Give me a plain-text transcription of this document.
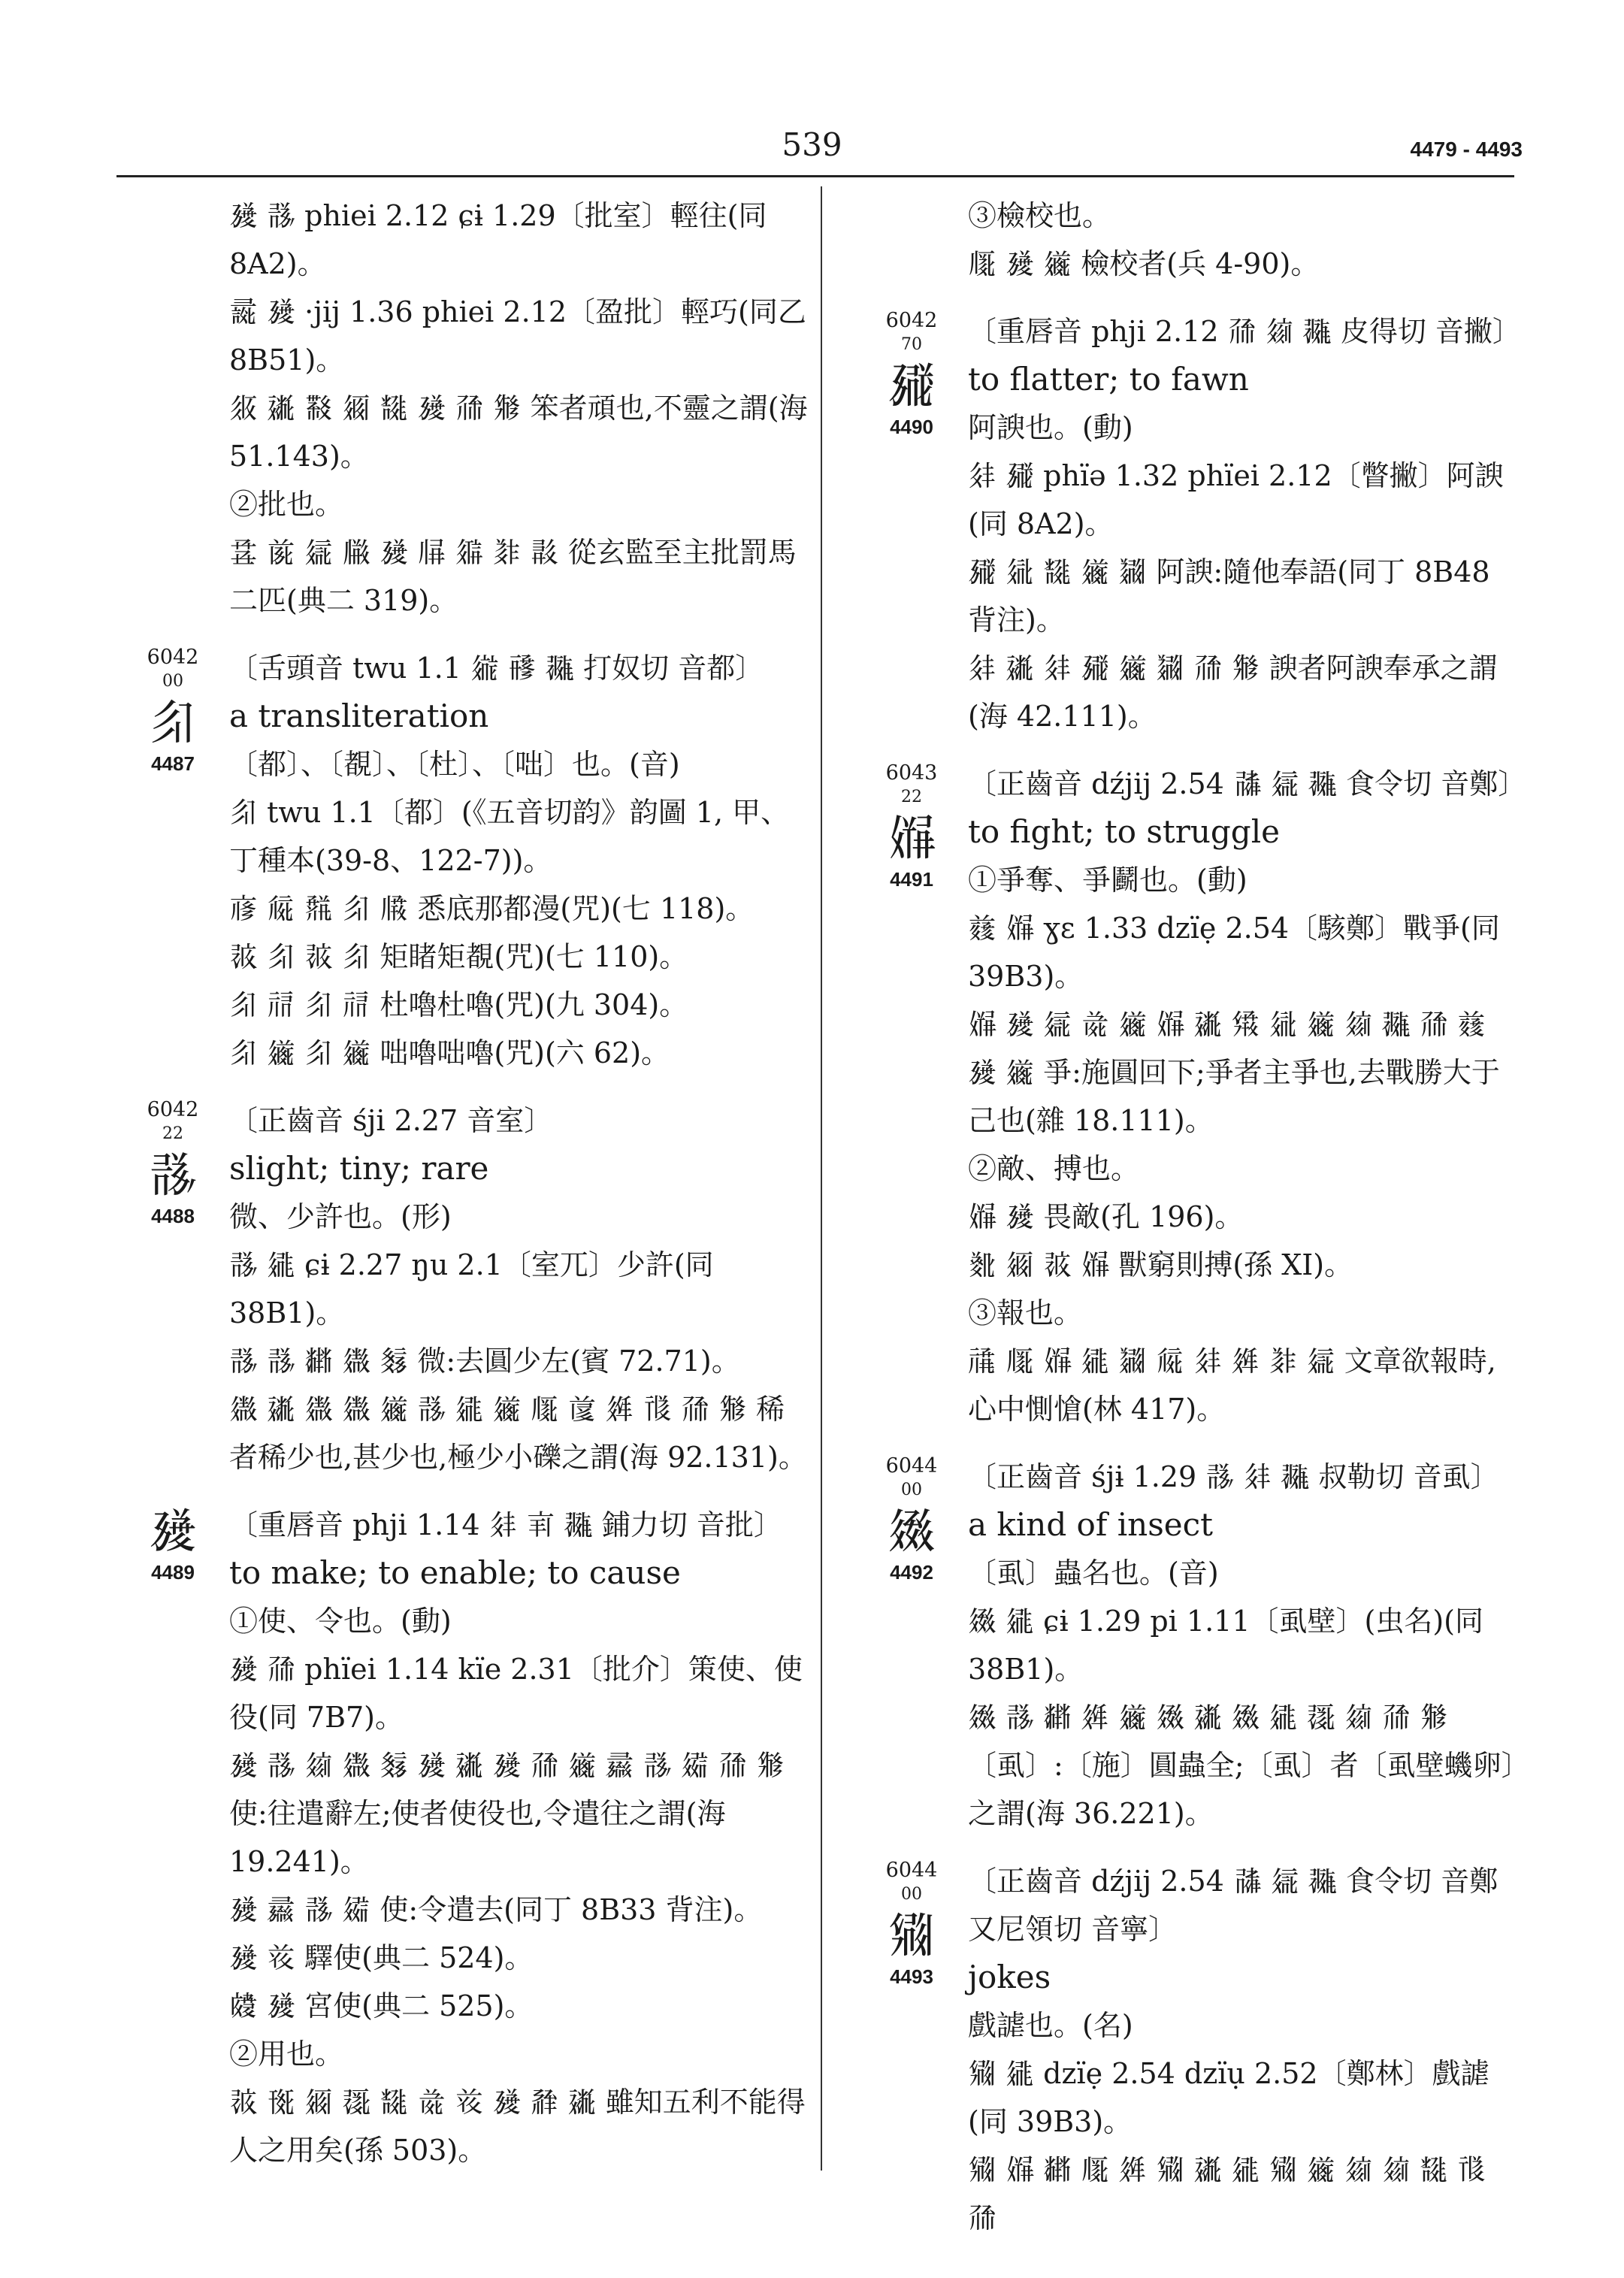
539	4479 - 4493

𗉳 𘃽 phiei 2.12 ɕɨ 1.29〔批室〕輕往(同 8A2)。

𗕭 𗉳 ·jij 1.36 phiei 2.12〔盈批〕輕巧(同乙 8B51)。

𗼇 𗡶 𘜶 𗥃 𘌗 𗉳 𗗙 𗊬 笨者頑也,不靈之謂(海 51.143)。

②批也。

𘞌 𗐯 𗦇 𗆐 𗉳 𗅁 𗦗 𘎳 𘗽 從玄監至主批罰馬二匹(典二 319)。

6042
00
𗼃
4487

〔舌頭音 twu 1.1 𗨁 𗟭 𗖵 打奴切 音都〕

a transliteration

〔都〕、〔覩〕、〔杜〕、〔咄〕也。(音)

𗼃 twu 1.1〔都〕(《五音切韵》韵圖 1, 甲、丁種本(39-8、122-7))。

𗇋 𗏁 𘜘 𗼃 𗆗 悉底那都漫(咒)(七 118)。

𗖖 𗼃 𗖖 𗼃 矩睹矩覩(咒)(七 110)。

𗼃 𗘺 𗼃 𗘺 杜嚕杜嚕(咒)(九 304)。

𗼃 𗫂 𗼃 𗫂 咄嚕咄嚕(咒)(六 62)。

6042
22
𘃽
4488

〔正齒音 śji 2.27 音室〕

slight; tiny; rare

微、少許也。(形)

𘃽 𗧓 ɕɨ 2.27 ŋu 2.1〔室兀〕少許(同 38B1)。

𘃽 𘃽 𘂤 𗪜 𘊐 微:去圓少左(賓 72.71)。

𗪜 𗡶 𗪜 𗪜 𗫂 𘃽 𗧓 𗫂 𗅲 𗑛 𗤶 𗌰 𗗙 𗊬 稀者稀少也,甚少也,極少小礫之謂(海 92.131)。

𗉳
4489

〔重唇音 phji 1.14 𗢳 𗇊 𗖵 鋪力切 音批〕

to make; to enable; to cause

①使、令也。(動)

𗉳 𗗙 phïei 1.14 kïe 2.31〔批介〕策使、使役(同 7B7)。

𗉳 𘃽 𗦻 𗪜 𘊐 𗉳 𗡶 𗉳 𗗙 𗫂 𗕴 𘃽 𗩴 𗗙 𗊬 使:往遣辭左;使者使役也,令遣往之謂(海 19.241)。

𗉳 𗕴 𘃽 𗩴 使:令遣去(同丁 8B33 背注)。

𗉳 𘝞 驛使(典二 524)。

𘊿 𗉳 宮使(典二 525)。

②用也。

𗖖 𗍊 𗥃 𗖰 𘌗 𗯨 𘝞 𗉳 𗴂 𗡶 雖知五利不能得人之用矣(孫 503)。

③檢校也。

𗅲 𗉳 𗫂 檢校者(兵 4-90)。

6042
70
𗉵
4490

〔重唇音 phji 2.12 𗗙 𗦻 𗖵 皮得切 音撇〕

to flatter; to fawn

阿諛也。(動)

𗢳 𗉵 phïə 1.32 phïei 2.12〔瞥撇〕阿諛(同 8A2)。

𗉵 𗣼 𘌗 𗫂 𘐳 阿諛:隨他奉語(同丁 8B48 背注)。

𗢳 𗡶 𗢳 𗉵 𗫂 𘐳 𗗙 𗊬 諛者阿諛奉承之謂(海 42.111)。

6043
22
𗏵
4491

〔正齒音 dźjij 2.54 𗰜 𗦇 𗖵 食令切 音鄭〕

to fight; to struggle

①爭奪、爭鬬也。(動)

𗓺 𗏵 ɣɛ 1.33 dzïẹ 2.54〔駭鄭〕戰爭(同 39B3)。

𗏵 𗉳 𗦇 𗯨 𗫂 𗏵 𗡶 𗋽 𗣼 𗫂 𗦻 𗖵 𗗙 𗓺 𗉳 𗫂 爭:施圓回下;爭者主爭也,去戰勝大于己也(雜 18.111)。

②敵、搏也。

𗏵 𗉳 畏敵(孔 196)。

𘝯 𗥃 𗖖 𗏵 獸窮則搏(孫 XI)。

③報也。

𗙚 𗅲 𗏵 𗧓 𘐳 𗏁 𗢳 𗤶 𘎳 𗦇 文章欲報時,心中惻愴(林 417)。

6044
00
𗨰
4492

〔正齒音 śjɨ 1.29 𘃽 𗢳 𗖵 叔勒切 音虱〕

a kind of insect

〔虱〕蟲名也。(音)

𗨰 𗧓 ɕɨ 1.29 pi 1.11〔虱壁〕(虫名)(同 38B1)。

𗨰 𘃽 𘂤 𗤶 𗫂 𗨰 𗡶 𗨰 𗧓 𗖰 𗦻 𗗙 𗊬 〔虱〕:〔施〕圓蟲全;〔虱〕者〔虱壁蟣卵〕之謂(海 36.221)。

6044
00
𗋨
4493

〔正齒音 dźjij 2.54 𗰜 𗦇 𗖵 食令切 音鄭又尼領切 音寧〕

jokes

戲謔也。(名)

𗋨 𗧓 dzïẹ 2.54 dzïụ 2.52〔鄭林〕戲謔(同 39B3)。

𗋨 𗏵 𘂤 𗅲 𗤶 𗋨 𗡶 𗧓 𗋨 𗫂 𗦻 𗦻 𘌗 𗌰 𗗙
